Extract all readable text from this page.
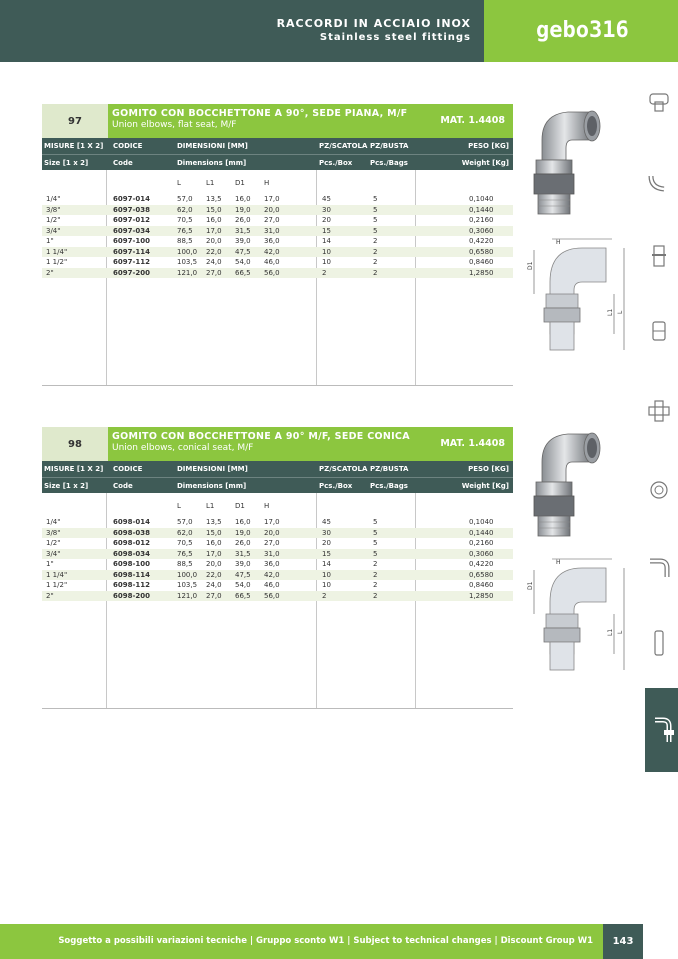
RACCORDI IN ACCIAIO INOX
Stainless steel fittings	gebo316
97
GOMITO CON BOCCHETTONE A 90°, SEDE PIANA, M/F
Union elbows, flat seat, M/F	MAT. 1.4408
MISURE [1 X 2] CODICE	DIMENSIONI [MM]	PZ/SCATOLA PZ/BUSTA	PESO [KG]
Size [1 x 2]	Code	Dimensions [mm]	Pcs./Box	Pcs./Bags	Weight [Kg]
L	L1	D1	H
1/4"	6097-014	57,0 13,5 16,0 17,0	45	5	0,1040
3/8"	6097-038	62,0 15,0 19,0 20,0	30	5	0,1440
1/2"	6097-012	70,5 16,0 26,0 27,0	20	5	0,2160
3/4"	6097-034	76,5 17,0 31,5 31,0	15	5	0,3060
1"	6097-100	88,5 20,0 39,0 36,0	14	2	0,4220
1 1/4"	6097-114	100,0 22,0 47,5 42,0	10	2	0,6580
1 1/2"	6097-112	103,5 24,0 54,0 46,0	10	2	0,8460
2"	6097-200	121,0 27,0 66,5 56,0	2	2	1,2850
98
GOMITO CON BOCCHETTONE A 90° M/F, SEDE CONICA
Union elbows, conical seat, M/F	MAT. 1.4408
MISURE [1 X 2] CODICE	DIMENSIONI [MM]	PZ/SCATOLA PZ/BUSTA	PESO [KG]
Size [1 x 2]	Code	Dimensions [mm]	Pcs./Box	Pcs./Bags	Weight [Kg]
L	L1	D1	H
1/4"	6098-014	57,0 13,5 16,0 17,0	45	5	0,1040
3/8"	6098-038	62,0 15,0 19,0 20,0	30	5	0,1440
1/2"	6098-012	70,5 16,0 26,0 27,0	20	5	0,2160
3/4"	6098-034	76,5 17,0 31,5 31,0	15	5	0,3060
1"	6098-100	88,5 20,0 39,0 36,0	14	2	0,4220
1 1/4"	6098-114	100,0 22,0 47,5 42,0	10	2	0,6580
1 1/2"	6098-112	103,5 24,0 54,0 46,0	10	2	0,8460
2"	6098-200	121,0 27,0 66,5 56,0	2	2	1,2850
H
D1
L1 L
H
D1
L1 L
Soggetto a possibili variazioni tecniche | Gruppo sconto W1 | Subject to technical changes | Discount Group W1	143
